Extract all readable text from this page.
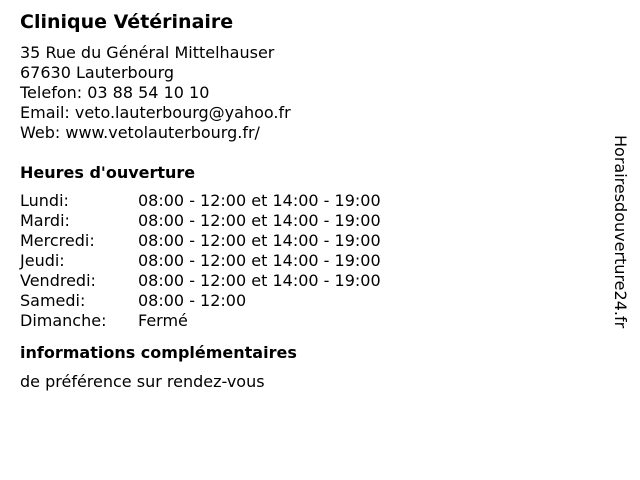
Clinique Vétérinaire
35 Rue du Général Mittelhauser
67630 Lauterbourg
Telefon: 03 88 54 10 10
Email: veto.lauterbourg@yahoo.fr
Web: www.vetolauterbourg.fr/
Heures d'ouverture
Lundi:	08:00 - 12:00 et 14:00 - 19:00
Mardi:	08:00 - 12:00 et 14:00 - 19:00
Mercredi:	08:00 - 12:00 et 14:00 - 19:00
Jeudi:	08:00 - 12:00 et 14:00 - 19:00
Vendredi:	08:00 - 12:00 et 14:00 - 19:00
Samedi:	08:00 - 12:00
Dimanche:	Fermé
informations complémentaires
de préférence sur rendez-vous
Horairesdouverture24.fr
